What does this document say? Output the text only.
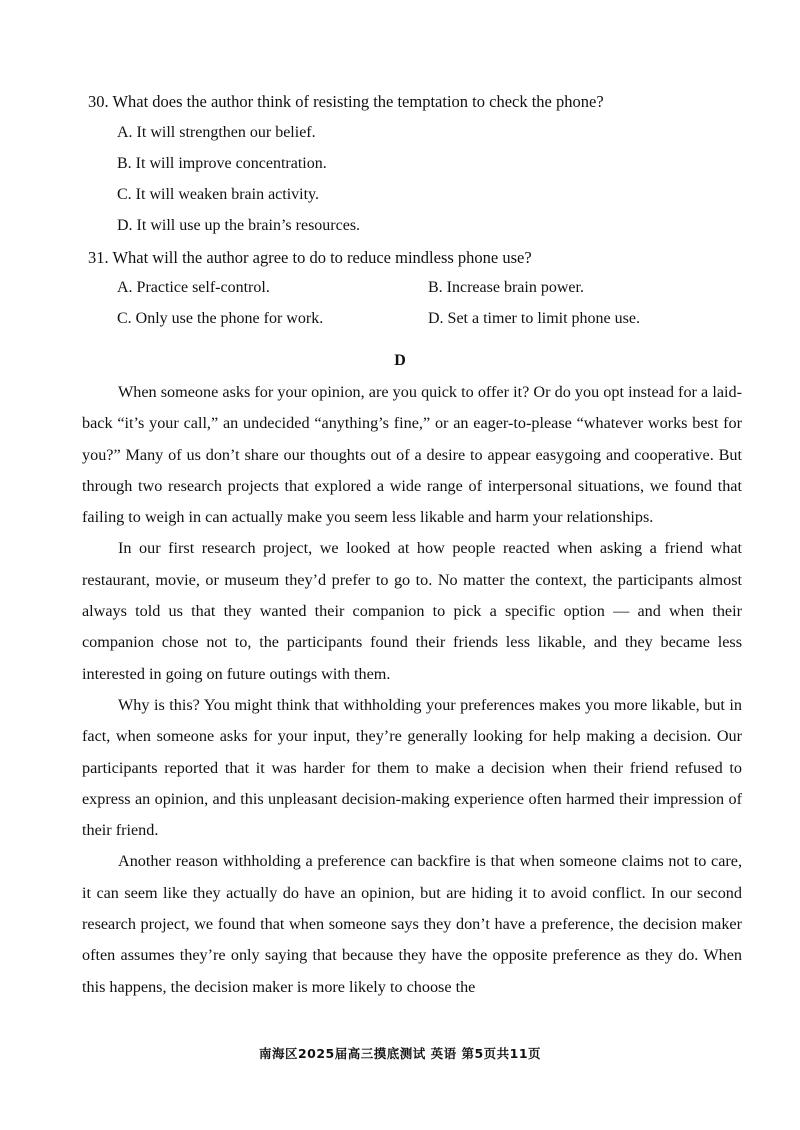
30. What does the author think of resisting the temptation to check the phone?
A. It will strengthen our belief.
B. It will improve concentration.
C. It will weaken brain activity.
D. It will use up the brain’s resources.
31. What will the author agree to do to reduce mindless phone use?
A. Practice self-control.	B. Increase brain power.
C. Only use the phone for work.	D. Set a timer to limit phone use.
D

When someone asks for your opinion, are you quick to offer it? Or do you opt instead for a laid-back “it’s your call,” an undecided “anything’s fine,” or an eager-to-please “whatever works best for you?” Many of us don’t share our thoughts out of a desire to appear easygoing and cooperative. But through two research projects that explored a wide range of interpersonal situations, we found that failing to weigh in can actually make you seem less likable and harm your relationships.

In our first research project, we looked at how people reacted when asking a friend what restaurant, movie, or museum they’d prefer to go to. No matter the context, the participants almost always told us that they wanted their companion to pick a specific option — and when their companion chose not to, the participants found their friends less likable, and they became less interested in going on future outings with them.

Why is this? You might think that withholding your preferences makes you more likable, but in fact, when someone asks for your input, they’re generally looking for help making a decision. Our participants reported that it was harder for them to make a decision when their friend refused to express an opinion, and this unpleasant decision-making experience often harmed their impression of their friend.

Another reason withholding a preference can backfire is that when someone claims not to care, it can seem like they actually do have an opinion, but are hiding it to avoid conflict. In our second research project, we found that when someone says they don’t have a preference, the decision maker often assumes they’re only saying that because they have the opposite preference as they do. When this happens, the decision maker is more likely to choose the

南海区2025届高三摸底测试 英语 第5页共11页
